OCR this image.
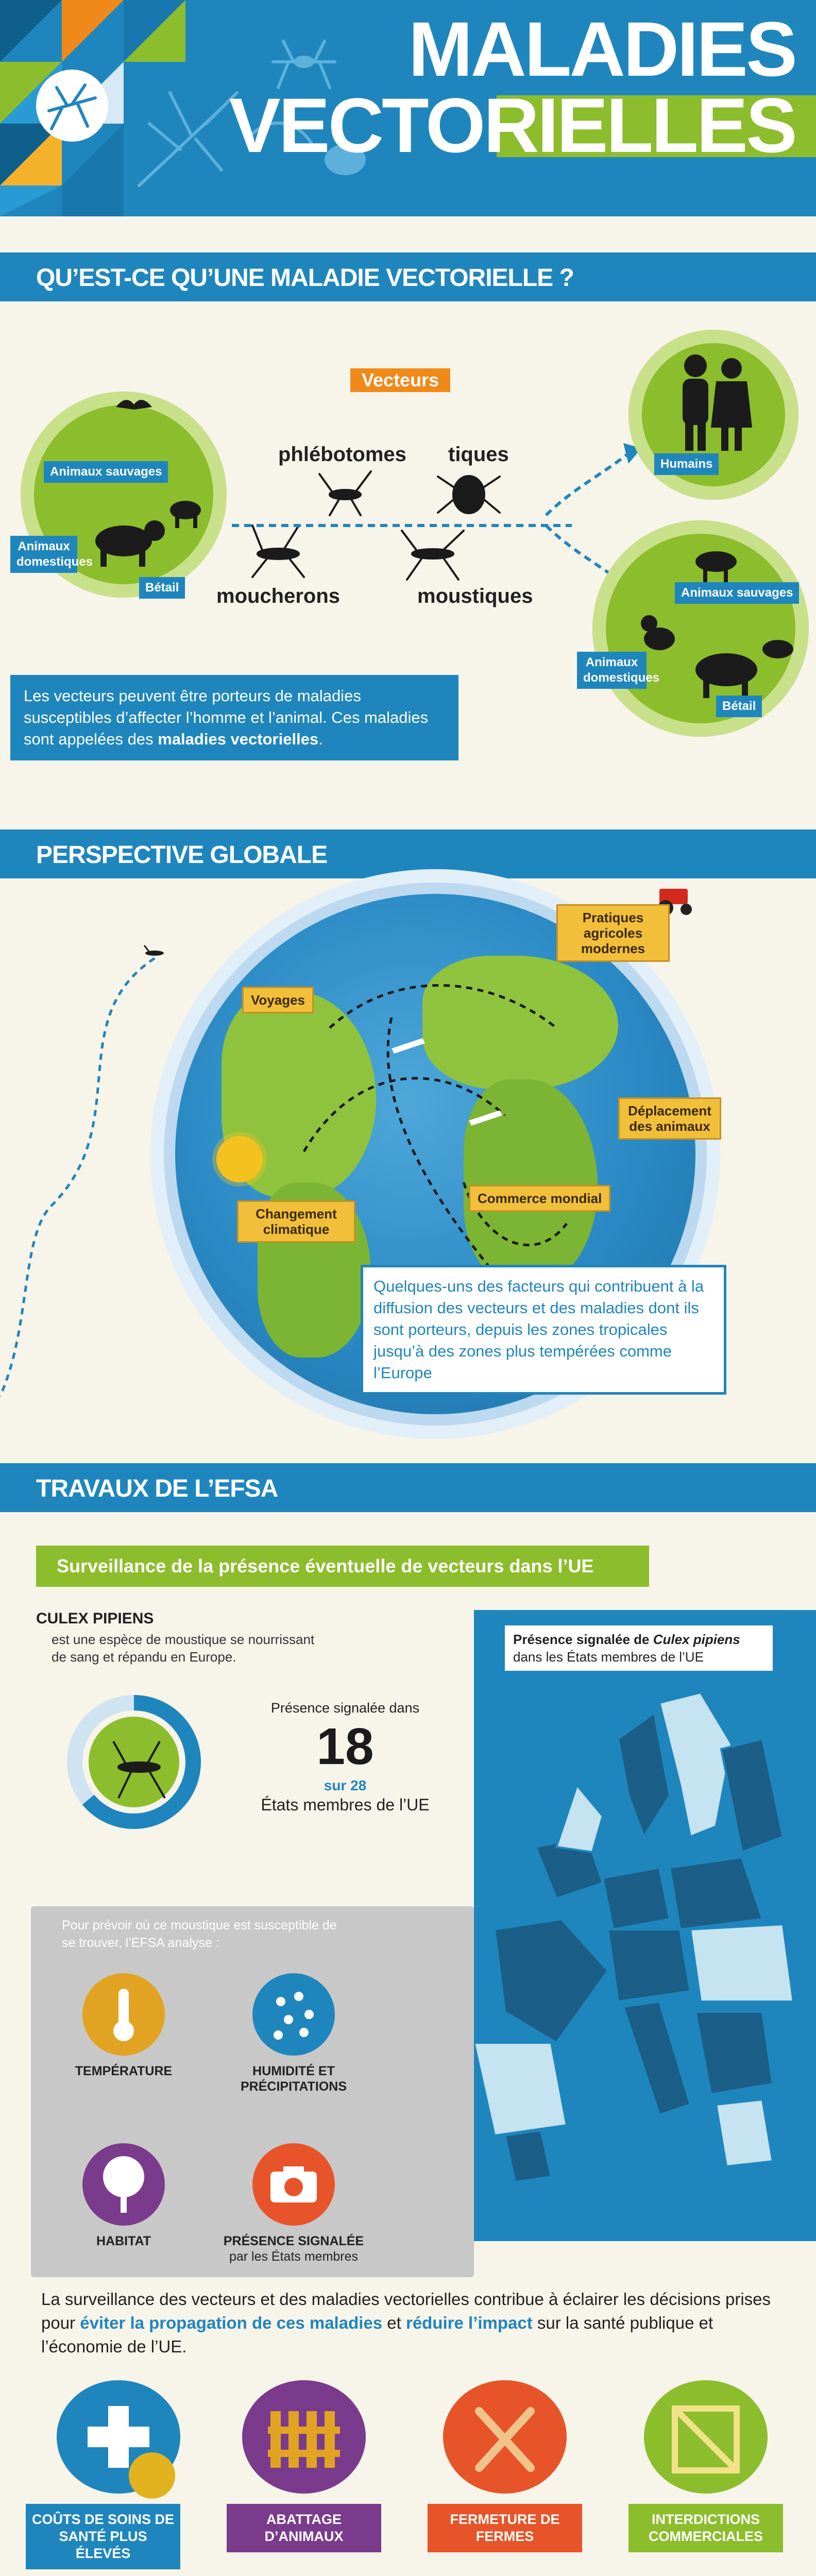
MALADIES
VECTORIELLES
QU’EST-CE QU’UNE MALADIE VECTORIELLE ?
Animaux sauvages
Animaux domestiques
Bétail
Vecteurs
phlébotomes tiques
moucherons	moustiques
Humains
Animaux sauvages
Animaux domestiques
Bétail
Les vecteurs peuvent être porteurs de maladies susceptibles d’affecter l’homme et l’animal. Ces maladies sont appelées des maladies vectorielles.
PERSPECTIVE GLOBALE
Voyages
Pratiques agricoles modernes
Déplacement des animaux
Changement climatique
Commerce mondial
Quelques-uns des facteurs qui contribuent à la diffusion des vecteurs et des maladies dont ils sont porteurs, depuis les zones tropicales jusqu’à des zones plus tempérées comme l’Europe
TRAVAUX DE L’EFSA
Surveillance de la présence éventuelle de vecteurs dans l’UE
CULEX PIPIENS
est une espèce de moustique se nourrissant de sang et répandu en Europe.
Présence signalée dans
18
sur 28
États membres de l’UE
Présence signalée de Culex pipiens
dans les États membres de l’UE
Pour prévoir où ce moustique est susceptible de se trouver, l’EFSA analyse :
TEMPÉRATURE	HUMIDITÉ ET PRÉCIPITATIONS
HABITAT	PRÉSENCE SIGNALÉE
par les États membres
La surveillance des vecteurs et des maladies vectorielles contribue à éclairer les décisions prises pour éviter la propagation de ces maladies et réduire l’impact sur la santé publique et l’économie de l’UE.
COÛTS DE SOINS DE SANTÉ PLUS ÉLEVÉS
ABATTAGE D’ANIMAUX
FERMETURE DE FERMES
INTERDICTIONS COMMERCIALES
